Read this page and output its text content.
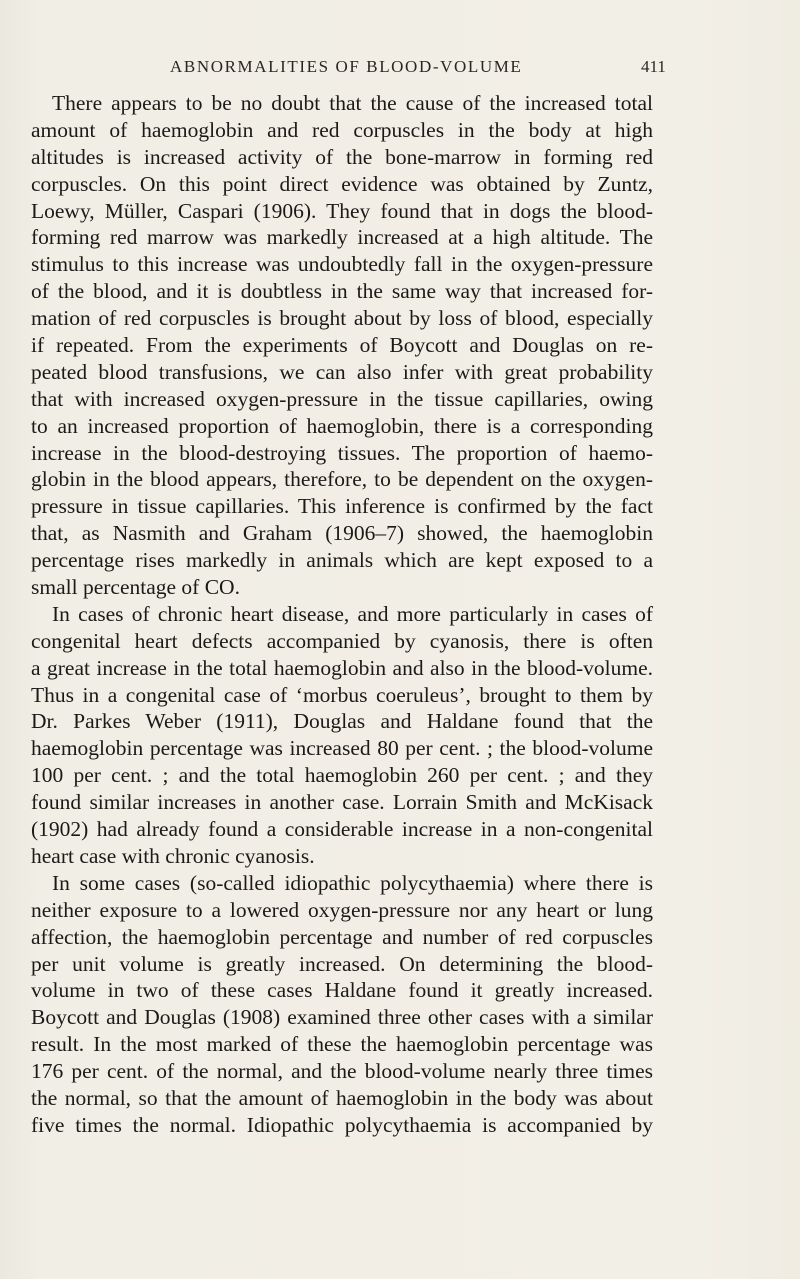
ABNORMALITIES OF BLOOD-VOLUME	411
There appears to be no doubt that the cause of the increased total
amount of haemoglobin and red corpuscles in the body at high
altitudes is increased activity of the bone-marrow in forming red
corpuscles. On this point direct evidence was obtained by Zuntz,
Loewy, Müller, Caspari (1906). They found that in dogs the blood-
forming red marrow was markedly increased at a high altitude. The
stimulus to this increase was undoubtedly fall in the oxygen-pressure
of the blood, and it is doubtless in the same way that increased for-
mation of red corpuscles is brought about by loss of blood, especially
if repeated. From the experiments of Boycott and Douglas on re-
peated blood transfusions, we can also infer with great probability
that with increased oxygen-pressure in the tissue capillaries, owing
to an increased proportion of haemoglobin, there is a corresponding
increase in the blood-destroying tissues. The proportion of haemo-
globin in the blood appears, therefore, to be dependent on the oxygen-
pressure in tissue capillaries. This inference is confirmed by the fact
that, as Nasmith and Graham (1906–7) showed, the haemoglobin
percentage rises markedly in animals which are kept exposed to a
small percentage of CO.
In cases of chronic heart disease, and more particularly in cases of
congenital heart defects accompanied by cyanosis, there is often
a great increase in the total haemoglobin and also in the blood-volume.
Thus in a congenital case of ‘morbus coeruleus’, brought to them by
Dr. Parkes Weber (1911), Douglas and Haldane found that the
haemoglobin percentage was increased 80 per cent. ; the blood-volume
100 per cent. ; and the total haemoglobin 260 per cent. ; and they
found similar increases in another case. Lorrain Smith and McKisack
(1902) had already found a considerable increase in a non-congenital
heart case with chronic cyanosis.
In some cases (so-called idiopathic polycythaemia) where there is
neither exposure to a lowered oxygen-pressure nor any heart or lung
affection, the haemoglobin percentage and number of red corpuscles
per unit volume is greatly increased. On determining the blood-
volume in two of these cases Haldane found it greatly increased.
Boycott and Douglas (1908) examined three other cases with a similar
result. In the most marked of these the haemoglobin percentage was
176 per cent. of the normal, and the blood-volume nearly three times
the normal, so that the amount of haemoglobin in the body was about
five times the normal. Idiopathic polycythaemia is accompanied by
